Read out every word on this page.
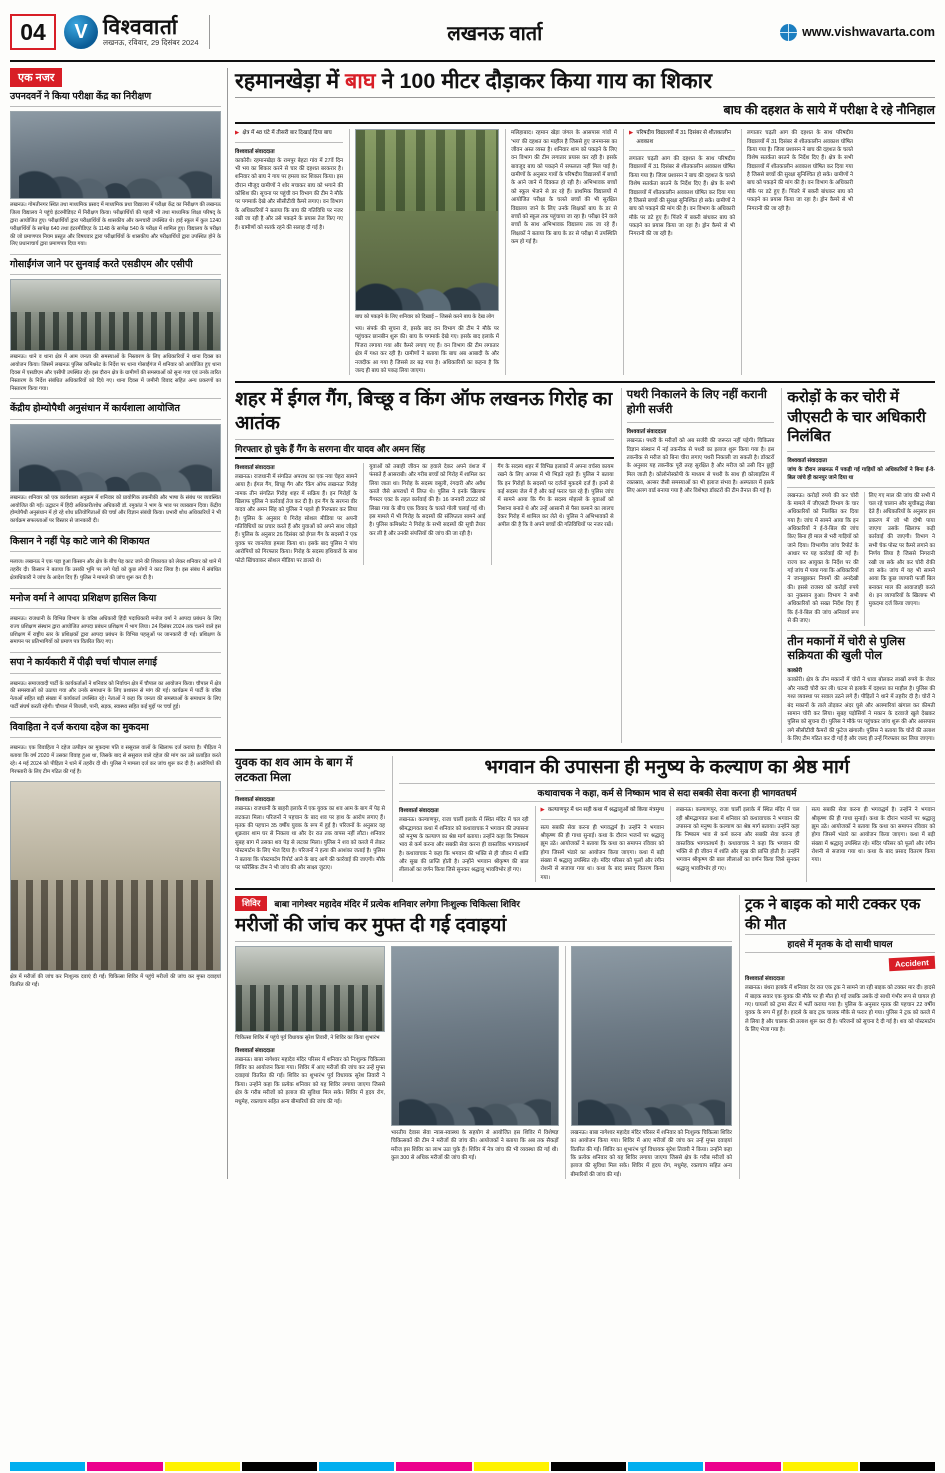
04 V	विश्ववार्ता
लखनऊ, रविवार, 29 दिसंबर 2024	लखनऊ वार्ता	www.vishwavarta.com
एक नजर
उपनदवर्ने ने किया परीक्षा केंद्र का निरीक्षण
लखनऊ। गोमतीनगर स्थित तथा माध्यमिक प्रसाद में माध्यमिक प्रथा विद्यालय में परीक्षा केंद्र का निरीक्षण की लखनऊ जिला विद्यालय ने पहुंचे इंटरमीडिएट में निरीक्षण किया। परीक्षार्थियों की पहली भी तथा माध्यमिक शिक्षा परिषद् के द्वारा आयोजित हुए। परीक्षार्थियों द्वारा परीक्षार्थियों के शासकीय और कमचारी उपस्थित थे। हाई स्कूल में कुल 1240 परीक्षार्थियों के सापेक्ष 640 तथा इंटरमीडिएट के 1148 के सापेक्ष 540 के परीक्षा में शामिल हुए। विद्यालय के परीक्षा की जो प्रमाणपत्र नियम प्रस्तुत और विषयवार द्वारा परीक्षार्थियों के शासकीय और परीक्षार्थियों द्वारा उपस्थित होने के लिए प्रधानाचार्य द्वारा प्रमाणपत्र दिया गया।
गोसाईंगंज जाने पर सुनवाई करते एसडीएम और एसीपी
लखनऊ। थाने व थाना क्षेत्र में आम जनता की समस्याओं के निस्तारण के लिए अधिकारियों ने थाना दिवस का आयोजन किया। जिसमें लखनऊ पुलिस कमिश्नरेट के निर्देश पर थाना गोसाईंगंज में शनिवार को आयोजित हुए थाना दिवस में एसडीएम और एसीपी उपस्थित रहे। इस दौरान क्षेत्र के ग्रामीणों की समस्याओं को सुना गया एवं उनके त्वरित निस्तारण के निर्देश संबंधित अधिकारियों को दिये गए। थाना दिवस में जमीनी विवाद सहित अन्य प्रकरणों का निस्तारण किया गया।
केंद्रीय होम्योपैथी अनुसंधान में कार्यशाला आयोजित
लखनऊ। शनिवार को एक कार्यशाला अनुक्रम में शनिवार को प्रायोगिक तकनीकी और भाषा के संबंध पर व्यवस्थित आयोजित की गई। उद्घाटन में हिंदी अधिकारी/शोध अधिकारी डॉ. रमुकांत ने भाग के भाव पर व्याख्यान दिया। केंद्रीय होम्योपैथी अनुसंधान में हो रहे शोध प्रतियोगिताओं की चर्चा और विज्ञान संबंधी किया। प्रभारी शोध अधिकारियों ने भी कार्यक्रम सफलताओं पर विस्तार से जानकारी दी।
किसान ने नहीं पेड़ काटे जाने की शिकायत
मलाज। लखनऊ ने एक पड़ा हुआ किसान और क्षेत्र के बीच पेड़ काट जाने की शिकायत को लेकर शनिवार को थाने में तहरीर दी। किसान ने बताया कि उसकी भूमि पर लगे पेड़ों को कुछ लोगों ने काट लिया है। इस संबंध में संबंधित क्षेत्राधिकारी ने जांच के आदेश दिए हैं। पुलिस ने मामले की जांच शुरू कर दी है।
मनोज वर्मा ने आपदा प्रशिक्षण हासिल किया
लखनऊ। राजधानी के विभिन्न विभाग के वरिष्ठ अधिकारी हिंदी पदाधिकारी मनोज वर्मा ने आपदा प्रबंधन के लिए राज्य प्रशिक्षण संस्थान द्वारा आयोजित आपदा प्रबंधन प्रशिक्षण में भाग लिया। 24 दिसंबर 2024 तक चलने वाले इस प्रशिक्षण में राष्ट्रीय स्तर के प्रशिक्षकों द्वारा आपदा प्रबंधन के विभिन्न पहलुओं पर जानकारी दी गई। प्रशिक्षण के समापन पर प्रतिभागियों को प्रमाण पत्र वितरित किए गए।
सपा ने कार्यकारी में पीढ़ी चर्चा चौपाल लगाई
लखनऊ। समाजवादी पार्टी के कार्यकर्ताओं ने शनिवार को निर्वाचन क्षेत्र में चौपाल का आयोजन किया। चौपाल में क्षेत्र की समस्याओं को उठाया गया और उनके समाधान के लिए प्रशासन से मांग की गई। कार्यक्रम में पार्टी के वरिष्ठ नेताओं सहित बड़ी संख्या में कार्यकर्ता उपस्थित रहे। नेताओं ने कहा कि जनता की समस्याओं के समाधान के लिए पार्टी संघर्ष करती रहेगी। चौपाल में बिजली, पानी, सड़क, स्वास्थ्य सहित कई मुद्दों पर चर्चा हुई।
विवाहिता ने दर्ज कराया दहेज का मुकदमा
लखनऊ। एक विवाहिता ने दहेज उत्पीड़न का मुकदमा पति व ससुराल वालों के खिलाफ दर्ज कराया है। पीड़िता ने बताया कि वर्ष 2020 में उसका विवाह हुआ था, जिसके बाद से ससुराल वाले दहेज की मांग कर उसे प्रताड़ित करते रहे। 4 मई 2024 को पीड़िता ने थाने में तहरीर दी थी। पुलिस ने मामला दर्ज कर जांच शुरू कर दी है। आरोपियों की गिरफ्तारी के लिए टीम गठित की गई है।
क्षेत्र में मरीजों की जांच कर निःशुल्क दवाएं दी गईं। चिकित्सा शिविर में पहुंचे मरीजों की जांच कर मुफ्त दवाइयां वितरित की गईं।
रहमानखेड़ा में बाघ ने 100 मीटर दौड़ाकर किया गाय का शिकार
बाघ की दहशत के साये में परीक्षा दे रहे नौनिहाल
▶ क्षेत्र में 48 घंटे में तीसरी बार दिखाई दिया बाघ
विश्ववार्ता संवाददाता
काकोरी। रहमानखेड़ा के रामपुर बेहटा गांव में 27वें दिन भी भय का शिकार करने से चार की दहशत बरकरार है। शनिवार को बाघ ने गाय पर हमला कर शिकार किया। इस दौरान मौजूद ग्रामीणों ने शोर मचाकर बाघ को भगाने की कोशिश की। सूचना पर पहुंची वन विभाग की टीम ने मौके पर पगमार्क देखे और सीसीटीवी कैमरे लगाए। वन विभाग के अधिकारियों ने बताया कि बाघ की गतिविधि पर नजर रखी जा रही है और उसे पकड़ने के प्रयास तेज किए गए हैं। ग्रामीणों को सतर्क रहने की सलाह दी गई है।
बाघ को पकड़ने के लिए शनिवार को दिखाई – जिससे करने बाघ के देख लोग
भय। संपर्क की सूचना रो, इसके बाद वन विभाग की टीम ने मौके पर पहुंचकर छानबीन शुरू की। बाघ के पगमार्क देखे गए। इसके बाद इलाके में पिंजरा लगाया गया और कैमरे लगाए गए हैं। वन विभाग की टीम लगातार क्षेत्र में गश्त कर रही है। ग्रामीणों ने बताया कि बाघ अब आबादी के और नजदीक आ गया है जिससे डर बढ़ गया है। अधिकारियों का कहना है कि जल्द ही बाघ को पकड़ लिया जाएगा।
मलिहाबाद। रहमान खेड़ा जंगल के आसपास गांवों में 'भय' की दहशत का माहौल है जिससे हुए जनमानस का जीवन अस्त व्यस्त है। शनिवार शाम को पकड़ने के लिए वन विभाग की टीम लगातार प्रयास कर रही है। इसके बावजूद बाघ को पकड़ने में सफलता नहीं मिल पाई है। ग्रामीणों के अनुसार गायों के परिषदीय विद्यालयों में बच्चों के आने जाने में दिक्कत हो रही है। अभिभावक बच्चों को स्कूल भेजने से डर रहे हैं। प्राथमिक विद्यालयों में आयोजित परीक्षा के चलते बच्चों की भी सुरक्षित विद्यालय जाने के लिए उनके शिक्षकों बाघ के डर से बच्चों को स्कूल तक पहुंचाया जा रहा है। परीक्षा देने वाले बच्चों के साथ अभिभावक विद्यालय तक जा रहे हैं। शिक्षकों ने बताया कि बाघ के डर से परीक्षा में उपस्थिति कम हो गई है।
▶ परिषदीय विद्यालयों में 31 दिसंबर से शीतकालीन अवकाश
लगातार चढ़ती आग की दहशत के साथ परिषदीय विद्यालयों में 31 दिसंबर से शीतकालीन अवकाश घोषित किया गया है। जिला प्रशासन ने बाघ की दहशत के चलते विशेष सतर्कता बरतने के निर्देश दिए हैं। क्षेत्र के सभी विद्यालयों में शीतकालीन अवकाश घोषित कर दिया गया है जिससे बच्चों की सुरक्षा सुनिश्चित हो सके। ग्रामीणों ने बाघ को पकड़ने की मांग की है। वन विभाग के अधिकारी मौके पर डटे हुए हैं। पिंजरे में बकरी बांधकर बाघ को पकड़ने का प्रयास किया जा रहा है। ड्रोन कैमरे से भी निगरानी की जा रही है।
लगातार चढ़ती आग की दहशत के साथ परिषदीय विद्यालयों में 31 दिसंबर से शीतकालीन अवकाश घोषित किया गया है। जिला प्रशासन ने बाघ की दहशत के चलते विशेष सतर्कता बरतने के निर्देश दिए हैं। क्षेत्र के सभी विद्यालयों में शीतकालीन अवकाश घोषित कर दिया गया है जिससे बच्चों की सुरक्षा सुनिश्चित हो सके। ग्रामीणों ने बाघ को पकड़ने की मांग की है। वन विभाग के अधिकारी मौके पर डटे हुए हैं। पिंजरे में बकरी बांधकर बाघ को पकड़ने का प्रयास किया जा रहा है। ड्रोन कैमरे से भी निगरानी की जा रही है।
शहर में ईगल गैंग, बिच्छू व किंग ऑफ लखनऊ गिरोह का आतंक
गिरफ्तार हो चुके हैं गैंग के सरगना वीर यादव और अमन सिंह
विश्ववार्ता संवाददाता
लखनऊ। राजधानी में संगठित अपराध का एक नया चेहरा सामने आया है। ईगल गैंग, बिच्छू गैंग और 'किंग ऑफ लखनऊ' गिरोह नामक तीन संगठित गिरोह शहर में सक्रिय हैं। इन गिरोहों के खिलाफ पुलिस ने कार्रवाई तेज कर दी है। इन गैंग के सरगना वीर यादव और अमन सिंह को पुलिस ने पहले ही गिरफ्तार कर लिया है। पुलिस के अनुसार ये गिरोह सोशल मीडिया पर अपनी गतिविधियों का प्रचार करते हैं और युवाओं को अपने साथ जोड़ते हैं। पुलिस के अनुसार 26 दिसंबर को ईगल गैंग के सदस्यों ने एक युवक पर जानलेवा हमला किया था। इसके बाद पुलिस ने पांच आरोपियों को गिरफ्तार किया। गिरोह के सदस्य हथियारों के साथ फोटो खिंचवाकर सोशल मीडिया पर डालते थे।
युवाओं को तबाही जीवन का हवाले देकर अपने वंशज में फंसाते हैं आसराबी। और गरीब बच्चों को गिरोह में शामिल कर लिया जाता था। गिरोह के सदस्य वसूली, रंगदारी और अवैध कब्जे जैसे अपराधों में लिप्त थे। पुलिस ने इनके खिलाफ गैंगस्टर एक्ट के तहत कार्रवाई की है। 16 जनवरी 2022 को लिखा गया के बीच एक विवाद के चलते गोली चलाई गई थी। इस मामले में भी गिरोह के सदस्यों की संलिप्तता सामने आई है। पुलिस कमिश्नरेट ने गिरोह के सभी सदस्यों की सूची तैयार कर ली है और उनकी संपत्तियों की जांच की जा रही है।
गैंग के सदस्य शहर में विभिन्न इलाकों में अपना वर्चस्व कायम रखने के लिए आपस में भी भिड़ते रहते हैं। पुलिस ने बताया कि इन गिरोहों के सदस्यों पर दर्जनों मुकदमे दर्ज हैं। इनमें से कई सदस्य जेल में हैं और कई फरार चल रहे हैं। पुलिस जांच में सामने आया कि गैंग के सदस्य मोहल्ले के युवाओं को निशाना बनाते थे और उन्हें आसानी से पैसा कमाने का लालच देकर गिरोह में शामिल कर लेते थे। पुलिस ने अभिभावकों से अपील की है कि वे अपने बच्चों की गतिविधियों पर नजर रखें।
पथरी निकालने के लिए नहीं करानी होगी सर्जरी
विश्ववार्ता संवाददाता
लखनऊ। पथरी के मरीजों को अब सर्जरी की जरूरत नहीं पड़ेगी। चिकित्सा विज्ञान संस्थान में नई तकनीक से पथरी का इलाज शुरू किया गया है। इस तकनीक से मरीज को बिना चीरा लगाए पथरी निकाली जा सकती है। डॉक्टरों के अनुसार यह तकनीक पूरी तरह सुरक्षित है और मरीज को उसी दिन छुट्टी मिल जाती है। कोलोनोस्कोपी के माध्यम से पथरी के साथ ही कोलाइटिस में रक्तस्राव, अल्सर जैसी समस्याओं का भी इलाज संभव है। अस्पताल में इसके लिए अलग वार्ड बनाया गया है और विशेषज्ञ डॉक्टरों की टीम तैनात की गई है।
करोड़ों के कर चोरी में जीएसटी के चार अधिकारी निलंबित
विश्ववार्ता संवाददाता
जांच के दौरान लखनऊ में पकड़ी गई गाड़ियों को अधिकारियों ने बिना ई-वे-बिल जांचे ही कानपुर जाने दिया था
लखनऊ। करोड़ों रुपये की कर चोरी के मामले में जीएसटी विभाग के चार अधिकारियों को निलंबित कर दिया गया है। जांच में सामने आया कि इन अधिकारियों ने ई-वे-बिल की जांच किए बिना ही माल से भरी गाड़ियों को जाने दिया। विभागीय जांच रिपोर्ट के आधार पर यह कार्रवाई की गई है। राज्य कर आयुक्त के निर्देश पर की गई जांच में पाया गया कि अधिकारियों ने जानबूझकर नियमों की अनदेखी की। इससे राजस्व को करोड़ों रुपये का नुकसान हुआ। विभाग ने सभी अधिकारियों को सख्त निर्देश दिए हैं कि ई-वे-बिल की जांच अनिवार्य रूप से की जाए।
लिए गए माल की जांच की सभी में चल रहे चालान और सूचीबद्ध लेखा देते हैं। अधिकारियों के अनुसार इस प्रकरण में जो भी दोषी पाया जाएगा उसके खिलाफ कड़ी कार्रवाई की जाएगी। विभाग ने सभी चेक पोस्ट पर कैमरे लगाने का निर्णय लिया है जिससे निगरानी रखी जा सके और कर चोरी रोकी जा सके। जांच में यह भी सामने आया कि कुछ व्यापारी फर्जी बिल बनाकर माल की आवाजाही करते थे। इन व्यापारियों के खिलाफ भी मुकदमा दर्ज किया जाएगा।
तीन मकानों में चोरी से पुलिस सक्रियता की खुली पोल
काकोरी
काकोरी। क्षेत्र के तीन मकानों में चोरों ने धावा बोलकर लाखों रुपये के जेवर और नकदी चोरी कर ली। घटना से इलाके में दहशत का माहौल है। पुलिस की गश्त व्यवस्था पर सवाल उठने लगे हैं। पीड़ितों ने थाने में तहरीर दी है। चोरों ने बंद मकानों के ताले तोड़कर अंदर घुसे और अलमारियां खंगाल कर कीमती सामान चोरी कर लिया। सुबह पड़ोसियों ने मकान के दरवाजे खुले देखकर पुलिस को सूचना दी। पुलिस ने मौके पर पहुंचकर जांच शुरू की और आसपास लगे सीसीटीवी कैमरों की फुटेज खंगाली। पुलिस ने बताया कि चोरों की तलाश के लिए टीम गठित कर दी गई है और जल्द ही उन्हें गिरफ्तार कर लिया जाएगा।
युवक का शव आम के बाग में लटकता मिला
विश्ववार्ता संवाददाता
लखनऊ। राजधानी के बाहरी इलाके में एक युवक का शव आम के बाग में पेड़ से लटकता मिला। परिजनों ने पहचान के बाद शव पर हाथ के आरोप लगाए हैं। मृतक की पहचान 35 वर्षीय युवक के रूप में हुई है। परिजनों के अनुसार वह शुक्रवार शाम घर से निकला था और देर रात तक वापस नहीं लौटा। शनिवार सुबह बाग में उसका शव पेड़ से लटका मिला। पुलिस ने शव को कब्जे में लेकर पोस्टमार्टम के लिए भेज दिया है। परिजनों ने हत्या की आशंका जताई है। पुलिस ने बताया कि पोस्टमार्टम रिपोर्ट आने के बाद आगे की कार्रवाई की जाएगी। मौके पर फॉरेंसिक टीम ने भी जांच की और साक्ष्य जुटाए।
भगवान की उपासना ही मनुष्य के कल्याण का श्रेष्ठ मार्ग
कथावाचक ने कहा, कर्म से निष्काम भाव से सदा सबकी सेवा करना ही भागवतधर्म
विश्ववार्ता संवाददाता
लखनऊ। कल्याणपुर, राजा चार्ली इलाके में स्थित मंदिर में चल रही श्रीमद्भागवत कथा में शनिवार को कथावाचक ने भगवान की उपासना को मनुष्य के कल्याण का श्रेष्ठ मार्ग बताया। उन्होंने कहा कि निष्काम भाव से कर्म करना और सबकी सेवा करना ही वास्तविक भागवतधर्म है। कथावाचक ने कहा कि भगवान की भक्ति से ही जीवन में शांति और सुख की प्राप्ति होती है। उन्होंने भगवान श्रीकृष्ण की बाल लीलाओं का वर्णन किया जिसे सुनकर श्रद्धालु भावविभोर हो गए।
▶ कल्याणपुर में धन सही कथा में श्रद्धालुओं को किया मंत्रमुग्ध
सत्य सबकी सेवा करना ही भगवद्धर्म है। उन्होंने ने भगवान श्रीकृष्ण की ही गाथा सुनाई। कथा के दौरान भजनों पर श्रद्धालु झूम उठे। आयोजकों ने बताया कि कथा का समापन रविवार को होगा जिसमें भंडारे का आयोजन किया जाएगा। कथा में बड़ी संख्या में श्रद्धालु उपस्थित रहे। मंदिर परिसर को फूलों और रंगीन रोशनी से सजाया गया था। कथा के बाद प्रसाद वितरण किया गया।
लखनऊ। कल्याणपुर, राजा चार्ली इलाके में स्थित मंदिर में चल रही श्रीमद्भागवत कथा में शनिवार को कथावाचक ने भगवान की उपासना को मनुष्य के कल्याण का श्रेष्ठ मार्ग बताया। उन्होंने कहा कि निष्काम भाव से कर्म करना और सबकी सेवा करना ही वास्तविक भागवतधर्म है। कथावाचक ने कहा कि भगवान की भक्ति से ही जीवन में शांति और सुख की प्राप्ति होती है। उन्होंने भगवान श्रीकृष्ण की बाल लीलाओं का वर्णन किया जिसे सुनकर श्रद्धालु भावविभोर हो गए।
सत्य सबकी सेवा करना ही भगवद्धर्म है। उन्होंने ने भगवान श्रीकृष्ण की ही गाथा सुनाई। कथा के दौरान भजनों पर श्रद्धालु झूम उठे। आयोजकों ने बताया कि कथा का समापन रविवार को होगा जिसमें भंडारे का आयोजन किया जाएगा। कथा में बड़ी संख्या में श्रद्धालु उपस्थित रहे। मंदिर परिसर को फूलों और रंगीन रोशनी से सजाया गया था। कथा के बाद प्रसाद वितरण किया गया।
शिविर	बाबा नागेश्वर महादेव मंदिर में प्रत्येक शनिवार लगेगा निःशुल्क चिकित्सा शिविर
मरीजों की जांच कर मुफ्त दी गई दवाइयां
चिकित्सा शिविर में पहुंचे पूर्व विधायक सुरेश तिवारी, ने शिविर का किया शुभारंभ
विश्ववार्ता संवाददाता
लखनऊ। बाबा नागेश्वर महादेव मंदिर परिसर में शनिवार को निःशुल्क चिकित्सा शिविर का आयोजन किया गया। शिविर में आए मरीजों की जांच कर उन्हें मुफ्त दवाइयां वितरित की गईं। शिविर का शुभारंभ पूर्व विधायक सुरेश तिवारी ने किया। उन्होंने कहा कि प्रत्येक शनिवार को यह शिविर लगाया जाएगा जिससे क्षेत्र के गरीब मरीजों को इलाज की सुविधा मिल सके। शिविर में हृदय रोग, मधुमेह, रक्तचाप सहित अन्य बीमारियों की जांच की गई।
भारतीय देवास सेवा न्यास-स्वास्थ्य के सहयोग से आयोजित इस शिविर में विशेषज्ञ चिकित्सकों की टीम ने मरीजों की जांच की। आयोजकों ने बताया कि अब तक सैकड़ों मरीज इस शिविर का लाभ उठा चुके हैं। शिविर में नेत्र जांच की भी व्यवस्था की गई थी। कुल 300 से अधिक मरीजों की जांच की गई।
लखनऊ। बाबा नागेश्वर महादेव मंदिर परिसर में शनिवार को निःशुल्क चिकित्सा शिविर का आयोजन किया गया। शिविर में आए मरीजों की जांच कर उन्हें मुफ्त दवाइयां वितरित की गईं। शिविर का शुभारंभ पूर्व विधायक सुरेश तिवारी ने किया। उन्होंने कहा कि प्रत्येक शनिवार को यह शिविर लगाया जाएगा जिससे क्षेत्र के गरीब मरीजों को इलाज की सुविधा मिल सके। शिविर में हृदय रोग, मधुमेह, रक्तचाप सहित अन्य बीमारियों की जांच की गई।
ट्रक ने बाइक को मारी टक्कर एक की मौत
हादसे में मृतक के दो साथी घायल
Accident
विश्ववार्ता संवाददाता
लखनऊ। बंथरा इलाके में शनिवार देर रात एक ट्रक ने सामने जा रही बाइक को टक्कर मार दी। हादसे में बाइक सवार एक युवक की मौके पर ही मौत हो गई जबकि उसके दो साथी गंभीर रूप से घायल हो गए। घायलों को ट्रामा सेंटर में भर्ती कराया गया है। पुलिस के अनुसार मृतक की पहचान 22 वर्षीय युवक के रूप में हुई है। हादसे के बाद ट्रक चालक मौके से फरार हो गया। पुलिस ने ट्रक को कब्जे में ले लिया है और चालक की तलाश शुरू कर दी है। परिजनों को सूचना दे दी गई है। शव को पोस्टमार्टम के लिए भेजा गया है।
